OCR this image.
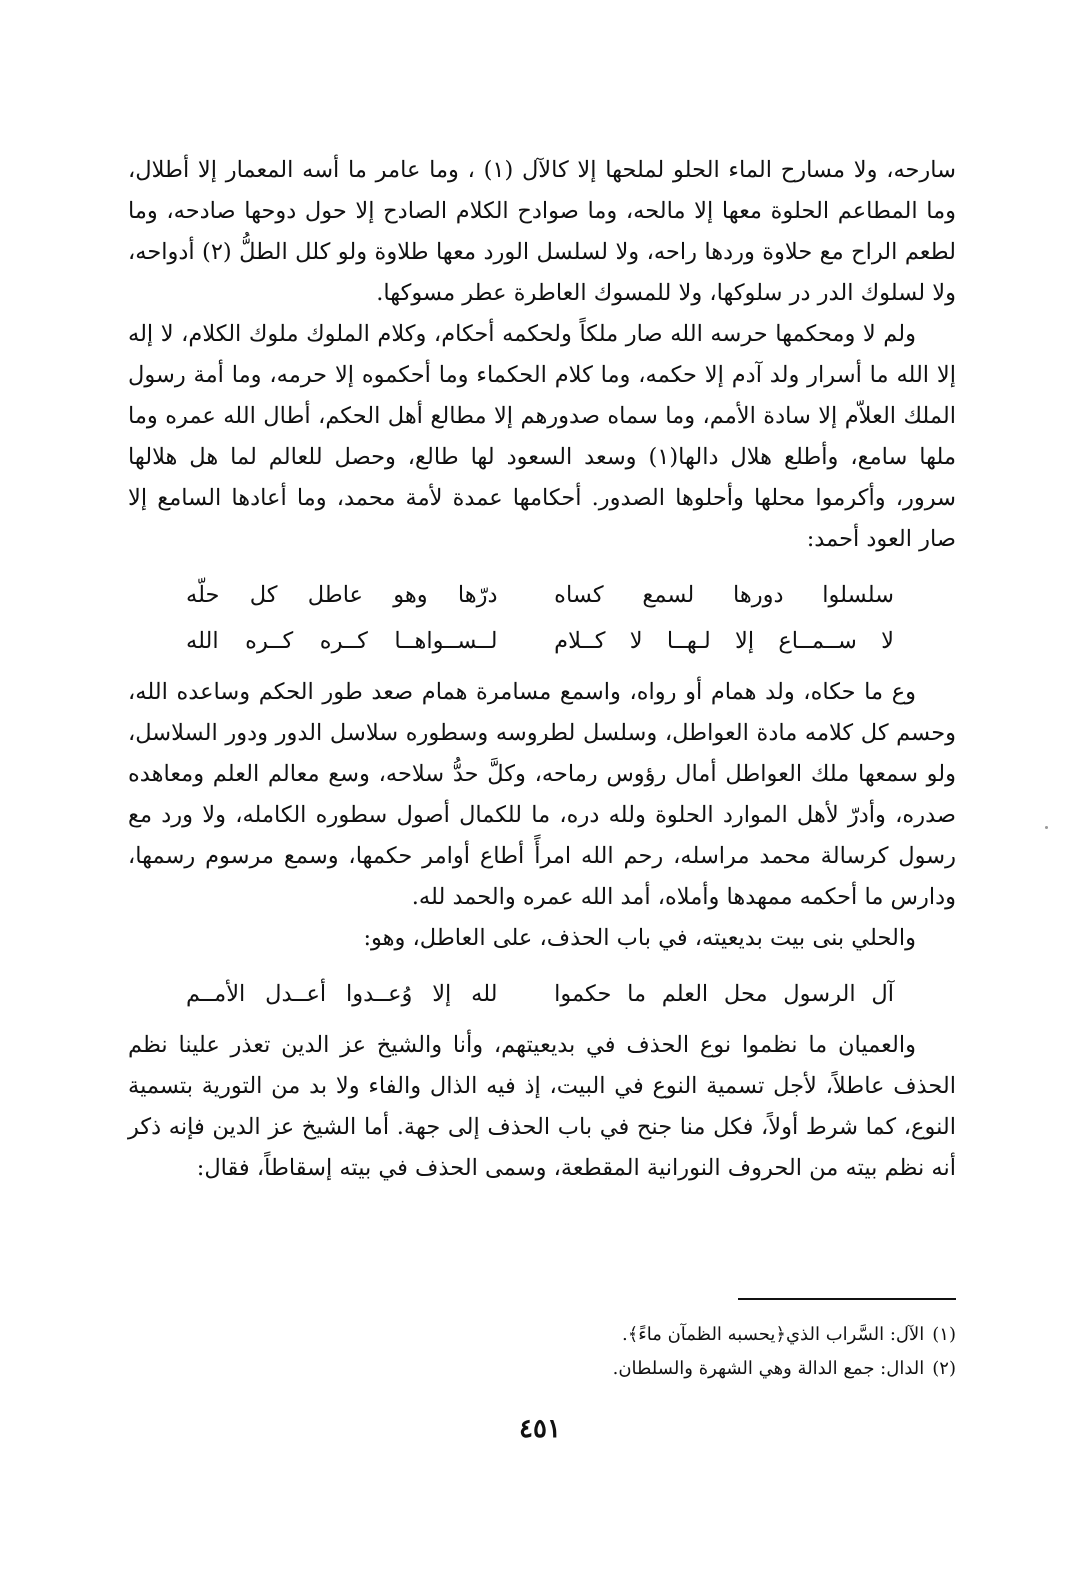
سارحه، ولا مسارح الماء الحلو لملحها إلا كالآل (١) ، وما عامر ما أسه المعمار إلا أطلال، وما المطاعم الحلوة معها إلا مالحه، وما صوادح الكلام الصادح إلا حول دوحها صادحه، وما لطعم الراح مع حلاوة وردها راحه، ولا لسلسل الورد معها طلاوة ولو كلل الطلُّ (٢) أدواحه، ولا لسلوك الدر در سلوكها، ولا للمسوك العاطرة عطر مسوكها.

ولم لا ومحكمها حرسه الله صار ملكاً ولحكمه أحكام، وكلام الملوك ملوك الكلام، لا إله إلا الله ما أسرار ولد آدم إلا حكمه، وما كلام الحكماء وما أحكموه إلا حرمه، وما أمة رسول الملك العلاّم إلا سادة الأمم، وما سماه صدورهم إلا مطالع أهل الحكم، أطال الله عمره وما ملها سامع، وأطلع هلال دالها(١) وسعد السعود لها طالع، وحصل للعالم لما هل هلالها سرور، وأكرموا محلها وأحلوها الصدور. أحكامها عمدة لأمة محمد، وما أعادها السامع إلا صار العود أحمد:

سلسلوا دورها لسمع كساه
درّها وهو عاطل كل حلّه
لا ســمــاع إلا لـهــا لا كــلام
لــســواهــا كــره كــره الله

وع ما حكاه، ولد همام أو رواه، واسمع مسامرة همام صعد طور الحكم وساعده الله، وحسم كل كلامه مادة العواطل، وسلسل لطروسه وسطوره سلاسل الدور ودور السلاسل، ولو سمعها ملك العواطل أمال رؤوس رماحه، وكلَّ حدُّ سلاحه، وسع معالم العلم ومعاهده صدره، وأدرّ لأهل الموارد الحلوة ولله دره، ما للكمال أصول سطوره الكامله، ولا ورد مع رسول كرسالة محمد مراسله، رحم الله امرأً أطاع أوامر حكمها، وسمع مرسوم رسمها، ودارس ما أحكمه ممهدها وأملاه، أمد الله عمره والحمد لله.

والحلي بنى بيت بديعيته، في باب الحذف، على العاطل، وهو:

آل الرسول محل العلم ما حكموا
لله إلا وُعــدوا أعــدل الأمــم

والعميان ما نظموا نوع الحذف في بديعيتهم، وأنا والشيخ عز الدين تعذر علينا نظم الحذف عاطلاً، لأجل تسمية النوع في البيت، إذ فيه الذال والفاء ولا بد من التورية بتسمية النوع، كما شرط أولاً، فكل منا جنح في باب الحذف إلى جهة. أما الشيخ عز الدين فإنه ذكر أنه نظم بيته من الحروف النورانية المقطعة، وسمى الحذف في بيته إسقاطاً، فقال:

(١)الآل: السَّراب الذي﴿يحسبه الظمآن ماءً﴾.

(٢)الدال: جمع الدالة وهي الشهرة والسلطان.

٤٥١
